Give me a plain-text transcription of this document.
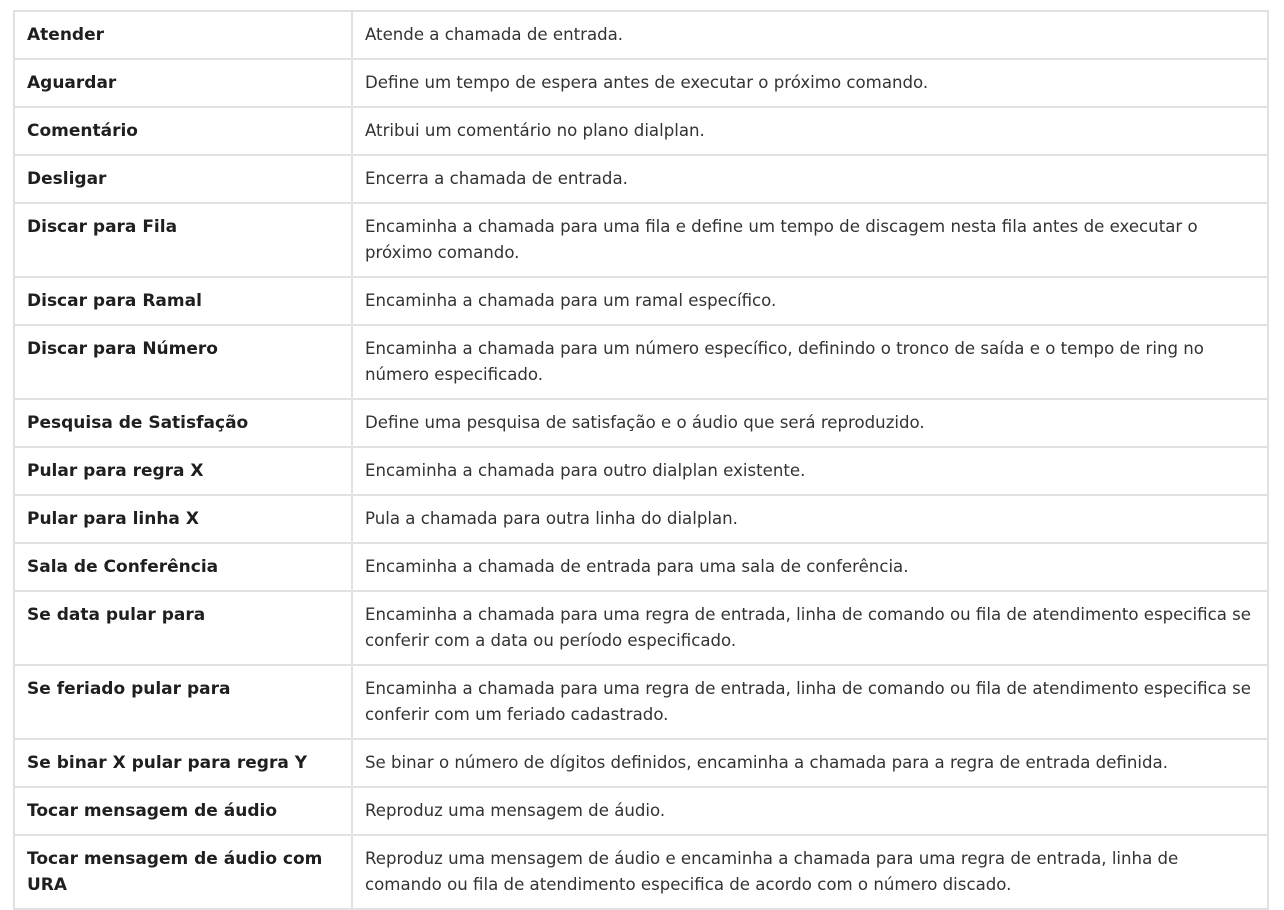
Atender	Atende a chamada de entrada.
Aguardar	Define um tempo de espera antes de executar o próximo comando.
Comentário	Atribui um comentário no plano dialplan.
Desligar	Encerra a chamada de entrada.
Discar para Fila	Encaminha a chamada para uma fila e define um tempo de discagem nesta fila antes de executar o próximo comando.
Discar para Ramal	Encaminha a chamada para um ramal específico.
Discar para Número	Encaminha a chamada para um número específico, definindo o tronco de saída e o tempo de ring no número especificado.
Pesquisa de Satisfação	Define uma pesquisa de satisfação e o áudio que será reproduzido.
Pular para regra X	Encaminha a chamada para outro dialplan existente.
Pular para linha X	Pula a chamada para outra linha do dialplan.
Sala de Conferência	Encaminha a chamada de entrada para uma sala de conferência.
Se data pular para	Encaminha a chamada para uma regra de entrada, linha de comando ou fila de atendimento especifica se conferir com a data ou período especificado.
Se feriado pular para	Encaminha a chamada para uma regra de entrada, linha de comando ou fila de atendimento especifica se conferir com um feriado cadastrado.
Se binar X pular para regra Y	Se binar o número de dígitos definidos, encaminha a chamada para a regra de entrada definida.
Tocar mensagem de áudio	Reproduz uma mensagem de áudio.
Tocar mensagem de áudio com URA	Reproduz uma mensagem de áudio e encaminha a chamada para uma regra de entrada, linha de comando ou fila de atendimento especifica de acordo com o número discado.
